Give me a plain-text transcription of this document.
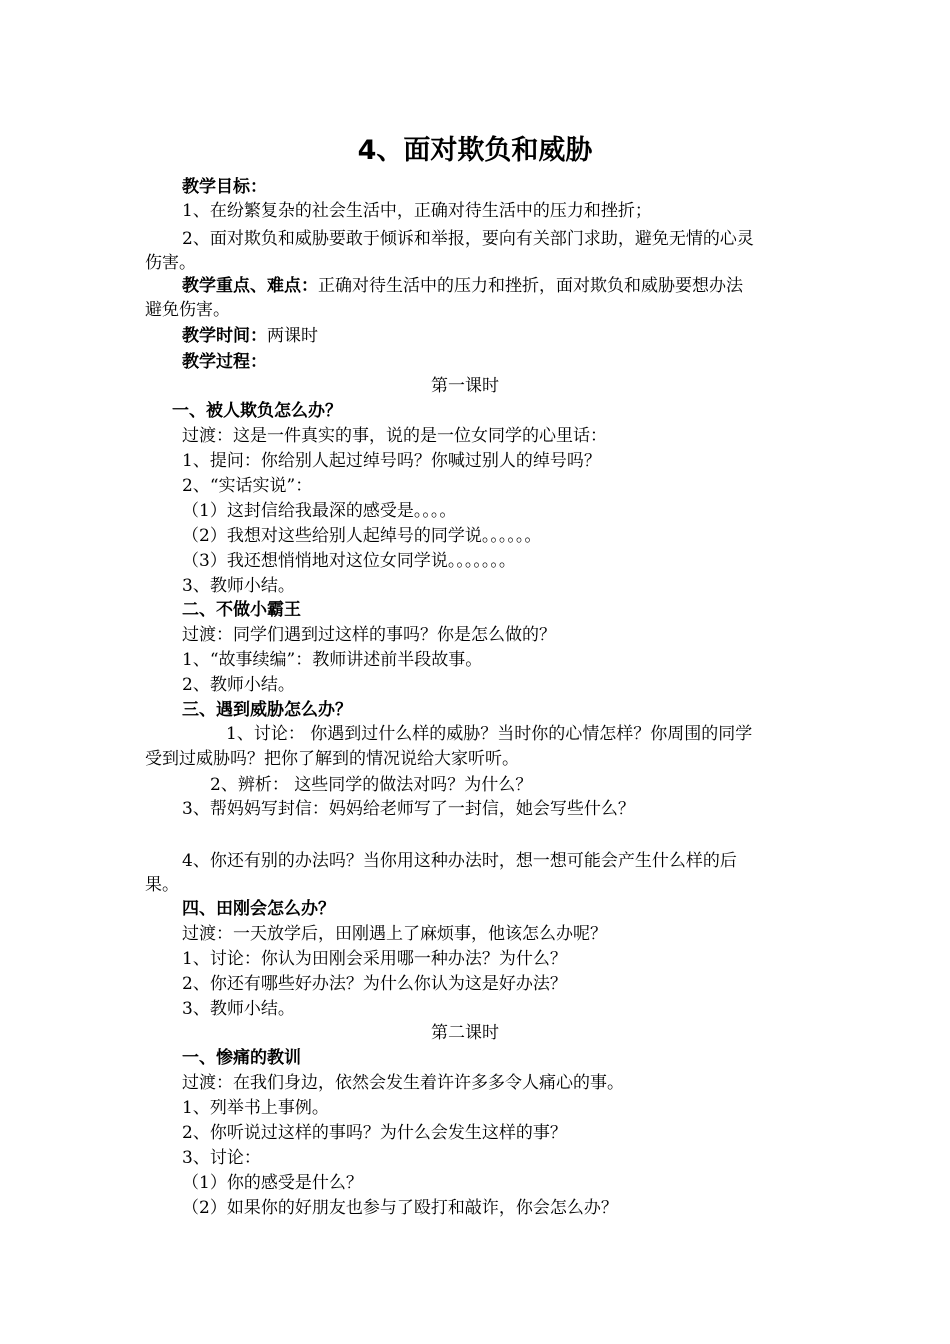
4、面对欺负和威胁
教学目标：
1、在纷繁复杂的社会生活中，正确对待生活中的压力和挫折；
2、面对欺负和威胁要敢于倾诉和举报，要向有关部门求助，避免无情的心灵
伤害。
教学重点、难点：正确对待生活中的压力和挫折，面对欺负和威胁要想办法
避免伤害。
教学时间：两课时
教学过程：
第一课时
一、被人欺负怎么办？
过渡：这是一件真实的事，说的是一位女同学的心里话：
1、提问：你给别人起过绰号吗？你喊过别人的绰号吗？
2、“实话实说”：
（1）这封信给我最深的感受是。。。。
（2）我想对这些给别人起绰号的同学说。。。。。。
（3）我还想悄悄地对这位女同学说。。。。。。。
3、教师小结。
二、不做小霸王
过渡：同学们遇到过这样的事吗？你是怎么做的？
1、“故事续编”：教师讲述前半段故事。
2、教师小结。
三、遇到威胁怎么办？
1、讨论： 你遇到过什么样的威胁？当时你的心情怎样？你周围的同学
受到过威胁吗？把你了解到的情况说给大家听听。
2、辨析： 这些同学的做法对吗？为什么？
3、帮妈妈写封信：妈妈给老师写了一封信，她会写些什么？
4、你还有别的办法吗？当你用这种办法时，想一想可能会产生什么样的后
果。
四、田刚会怎么办？
过渡：一天放学后，田刚遇上了麻烦事，他该怎么办呢？
1、讨论：你认为田刚会采用哪一种办法？为什么？
2、你还有哪些好办法？为什么你认为这是好办法？
3、教师小结。
第二课时
一、惨痛的教训
过渡：在我们身边，依然会发生着许许多多令人痛心的事。
1、列举书上事例。
2、你听说过这样的事吗？为什么会发生这样的事？
3、讨论：
（1）你的感受是什么？
（2）如果你的好朋友也参与了殴打和敲诈，你会怎么办？
